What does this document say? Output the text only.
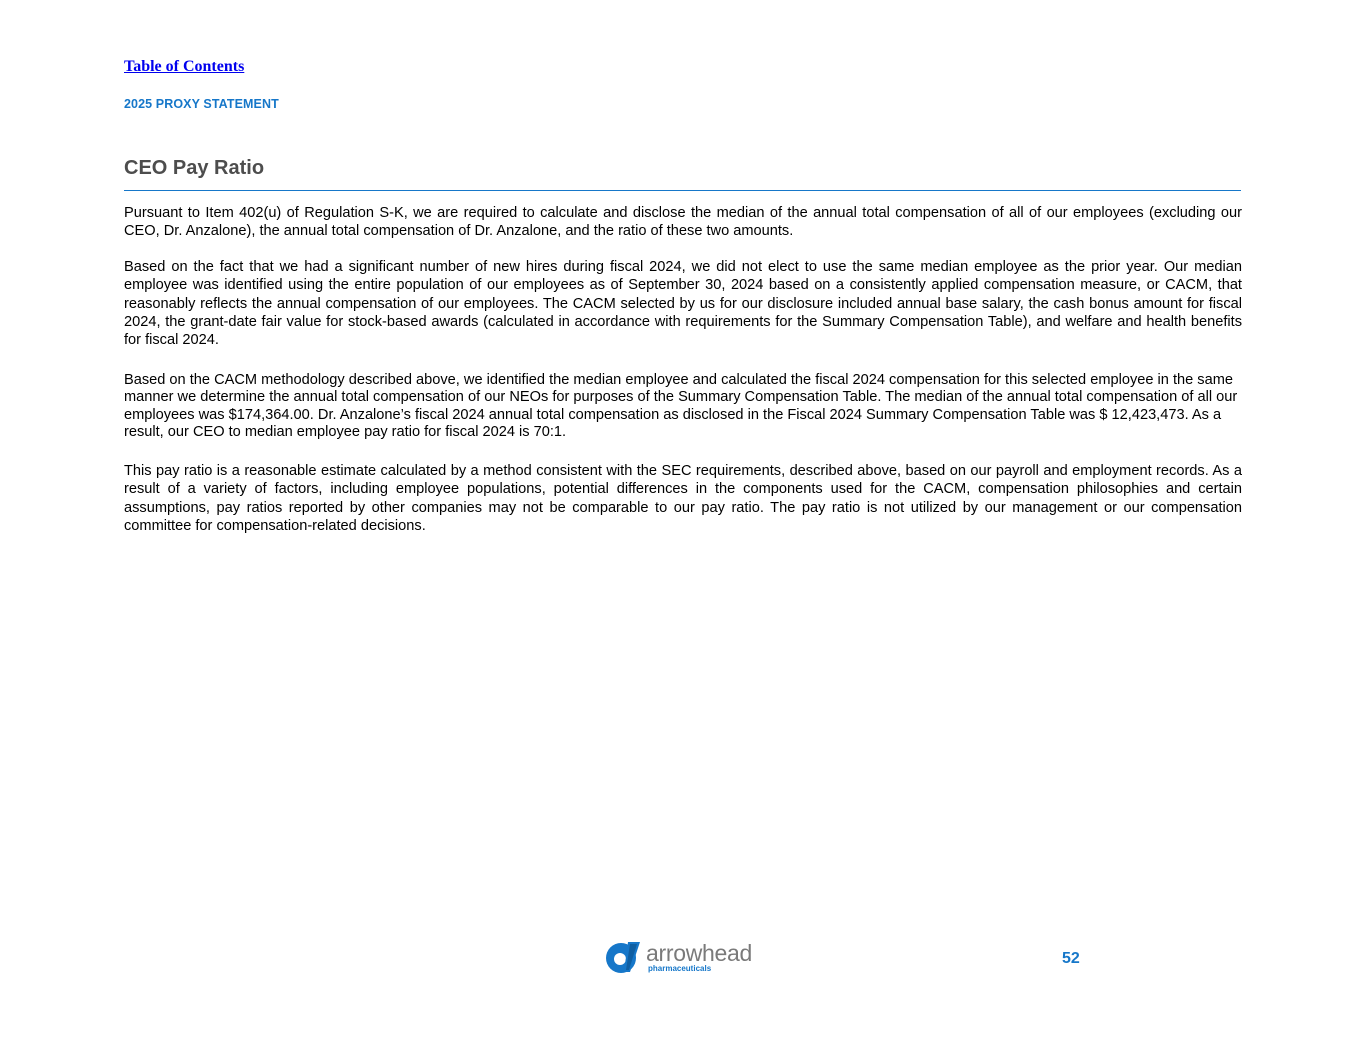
Table of Contents
2025 PROXY STATEMENT
CEO Pay Ratio

Pursuant to Item 402(u) of Regulation S-K, we are required to calculate and disclose the median of the annual total compensation of all of our employees (excluding our CEO, Dr. Anzalone), the annual total compensation of Dr. Anzalone, and the ratio of these two amounts.

Based on the fact that we had a significant number of new hires during fiscal 2024, we did not elect to use the same median employee as the prior year. Our median employee was identified using the entire population of our employees as of September 30, 2024 based on a consistently applied compensation measure, or CACM, that reasonably reflects the annual compensation of our employees. The CACM selected by us for our disclosure included annual base salary, the cash bonus amount for fiscal 2024, the grant-date fair value for stock-based awards (calculated in accordance with requirements for the Summary Compensation Table), and welfare and health benefits for fiscal 2024.

Based on the CACM methodology described above, we identified the median employee and calculated the fiscal 2024 compensation for this selected employee in the same manner we determine the annual total compensation of our NEOs for purposes of the Summary Compensation Table. The median of the annual total compensation of all our employees was $174,364.00. Dr. Anzalone’s fiscal 2024 annual total compensation as disclosed in the Fiscal 2024 Summary Compensation Table was $ 12,423,473. As a result, our CEO to median employee pay ratio for fiscal 2024 is 70:1.

This pay ratio is a reasonable estimate calculated by a method consistent with the SEC requirements, described above, based on our payroll and employment records. As a result of a variety of factors, including employee populations, potential differences in the components used for the CACM, compensation philosophies and certain assumptions, pay ratios reported by other companies may not be comparable to our pay ratio. The pay ratio is not utilized by our management or our compensation committee for compensation-related decisions.

arrowhead
pharmaceuticals
52
